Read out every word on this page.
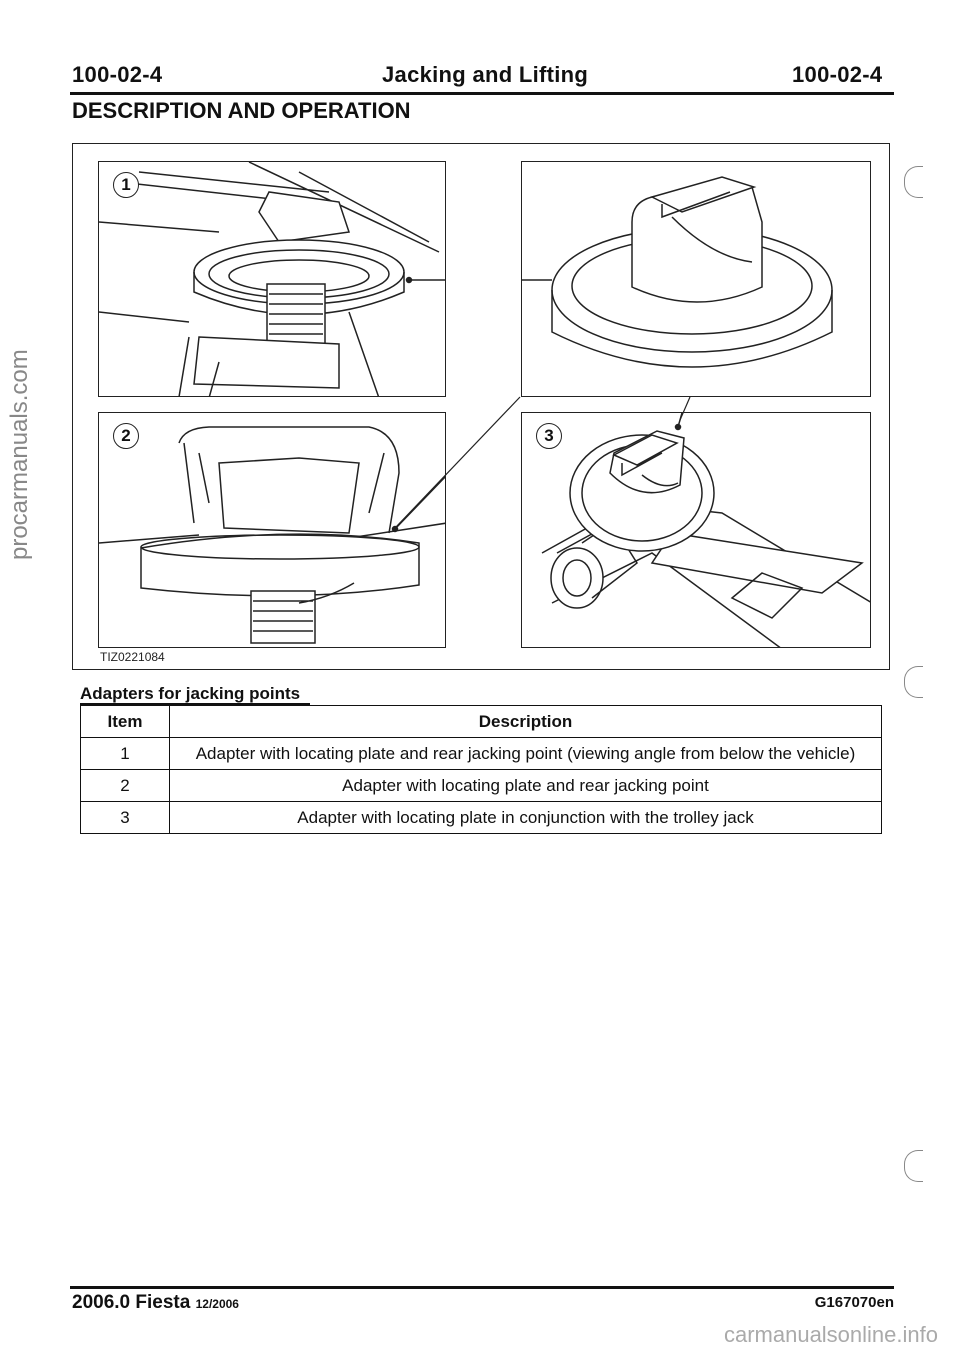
100-02-4	Jacking and Lifting	100-02-4
DESCRIPTION AND OPERATION
1
2	3
TIZ0221084
Adapters for jacking points
Item	Description
1	Adapter with locating plate and rear jacking point (viewing angle from below the vehicle)
2	Adapter with locating plate and rear jacking point
3	Adapter with locating plate in conjunction with the trolley jack
procarmanuals.com
2006.0 Fiesta 12/2006	G167070en
carmanualsonline.info
